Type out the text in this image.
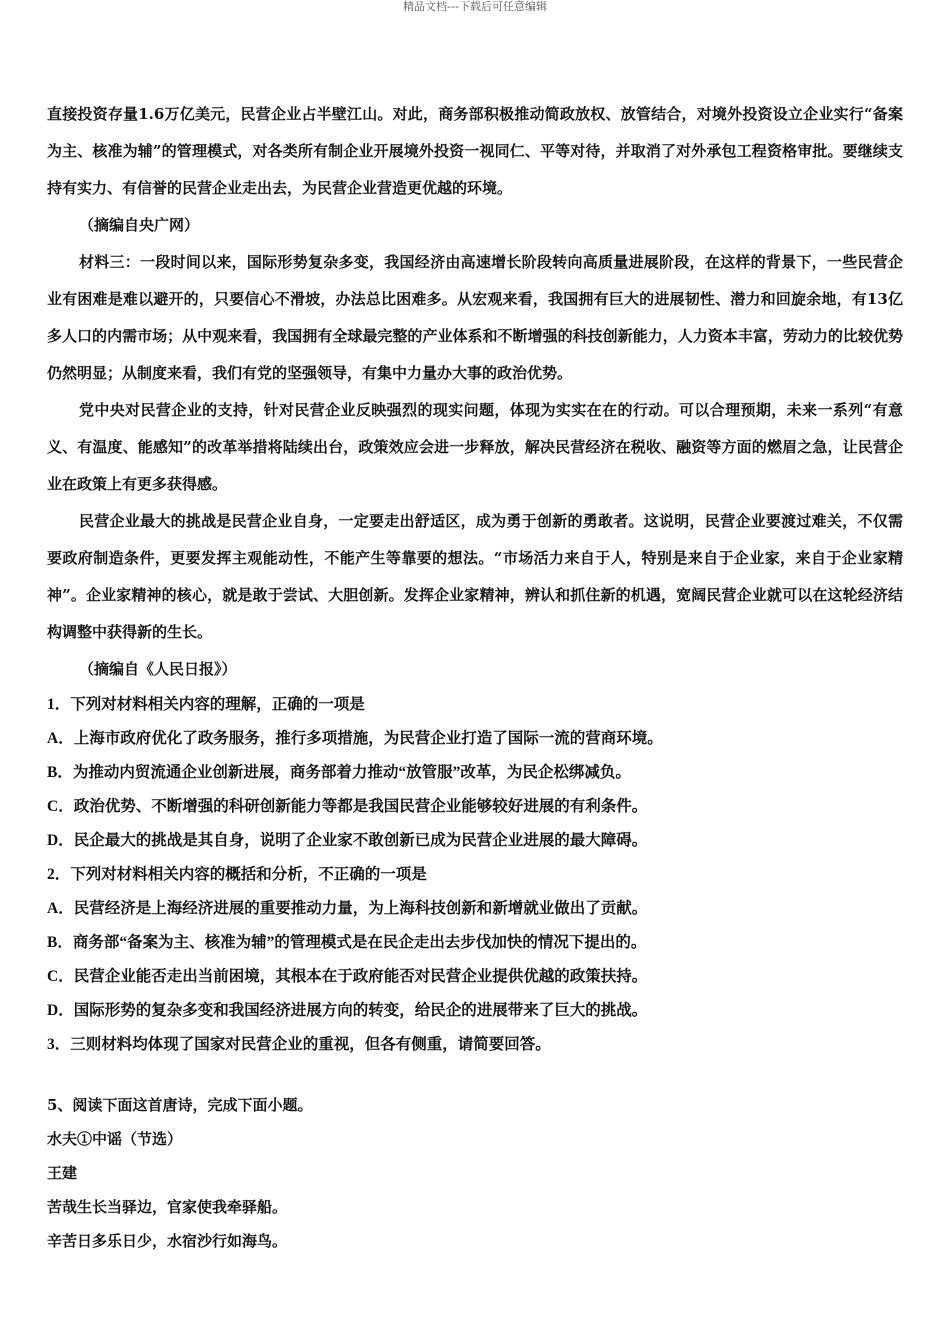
精品文档---下载后可任意编辑

直接投资存量1.6万亿美元，民营企业占半壁江山。对此，商务部积极推动简政放权、放管结合，对境外投资设立企业实行“备案为主、核准为辅”的管理模式，对各类所有制企业开展境外投资一视同仁、平等对待，并取消了对外承包工程资格审批。要继续支持有实力、有信誉的民营企业走出去，为民营企业营造更优越的环境。

（摘编自央广网）

材料三：一段时间以来，国际形势复杂多变，我国经济由高速增长阶段转向高质量进展阶段，在这样的背景下，一些民营企业有困难是难以避开的，只要信心不滑坡，办法总比困难多。从宏观来看，我国拥有巨大的进展韧性、潜力和回旋余地，有13亿多人口的内需市场；从中观来看，我国拥有全球最完整的产业体系和不断增强的科技创新能力，人力资本丰富，劳动力的比较优势仍然明显；从制度来看，我们有党的坚强领导，有集中力量办大事的政治优势。

党中央对民营企业的支持，针对民营企业反映强烈的现实问题，体现为实实在在的行动。可以合理预期，未来一系列“有意义、有温度、能感知”的改革举措将陆续出台，政策效应会进一步释放，解决民营经济在税收、融资等方面的燃眉之急，让民营企业在政策上有更多获得感。

民营企业最大的挑战是民营企业自身，一定要走出舒适区，成为勇于创新的勇敢者。这说明，民营企业要渡过难关，不仅需要政府制造条件，更要发挥主观能动性，不能产生等靠要的想法。“市场活力来自于人，特别是来自于企业家，来自于企业家精神”。企业家精神的核心，就是敢于尝试、大胆创新。发挥企业家精神，辨认和抓住新的机遇，宽阔民营企业就可以在这轮经济结构调整中获得新的生长。

（摘编自《人民日报》）

1．下列对材料相关内容的理解，正确的一项是

A．上海市政府优化了政务服务，推行多项措施，为民营企业打造了国际一流的营商环境。

B．为推动内贸流通企业创新进展，商务部着力推动“放管服”改革，为民企松绑减负。

C．政治优势、不断增强的科研创新能力等都是我国民营企业能够较好进展的有利条件。

D．民企最大的挑战是其自身，说明了企业家不敢创新已成为民营企业进展的最大障碍。

2．下列对材料相关内容的概括和分析，不正确的一项是

A．民营经济是上海经济进展的重要推动力量，为上海科技创新和新增就业做出了贡献。

B．商务部“备案为主、核准为辅”的管理模式是在民企走出去步伐加快的情况下提出的。

C．民营企业能否走出当前困境，其根本在于政府能否对民营企业提供优越的政策扶持。

D．国际形势的复杂多变和我国经济进展方向的转变，给民企的进展带来了巨大的挑战。

3．三则材料均体现了国家对民营企业的重视，但各有侧重，请简要回答。

5、阅读下面这首唐诗，完成下面小题。

水夫①中谣（节选）

王建

苦哉生长当驿边，官家使我牵驿船。

辛苦日多乐日少，水宿沙行如海鸟。
